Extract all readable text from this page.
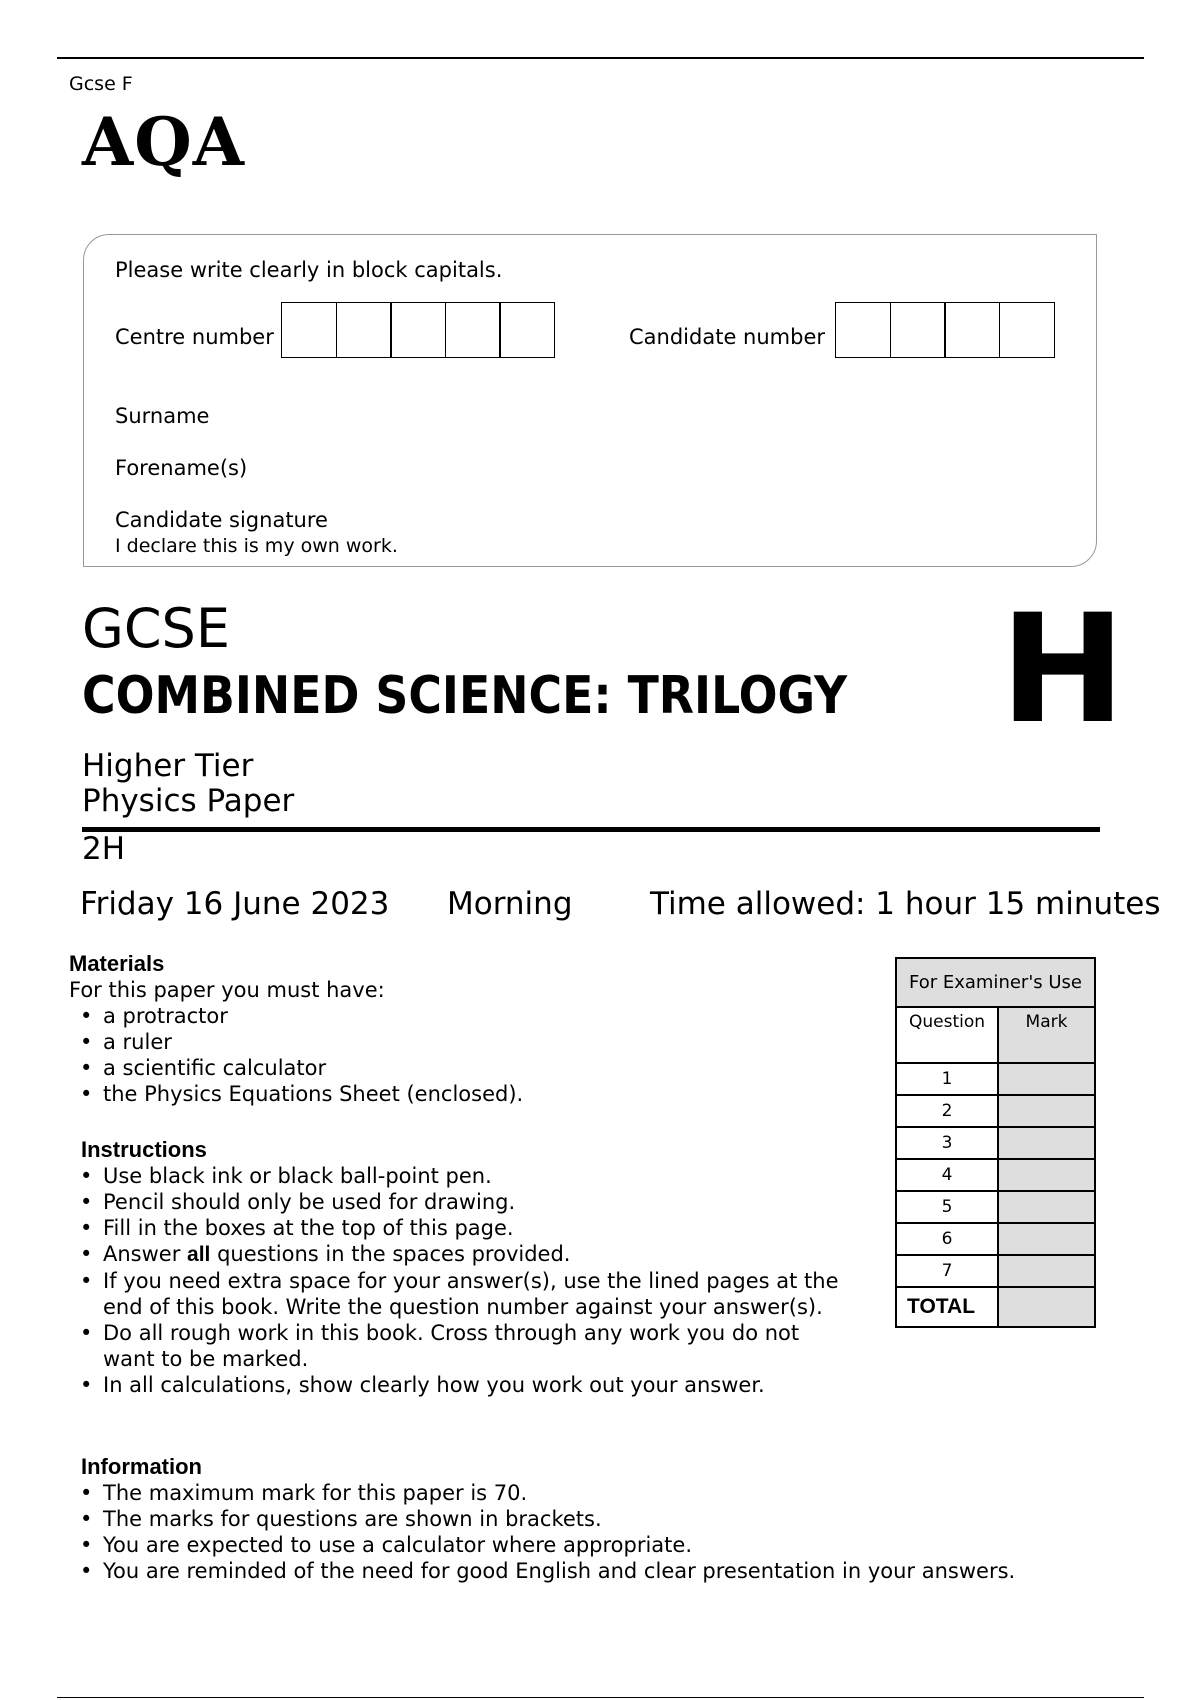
Gcse F
AQA
Please write clearly in block capitals.
Centre number	Candidate number
Surname
Forename(s)
Candidate signature
I declare this is my own work.
GCSE
COMBINED SCIENCE: TRILOGY H
Higher Tier
Physics Paper
2H
Friday 16 June 2023 Morning	Time allowed: 1 hour 15 minutes
Materials
For this paper you must have:
• a protractor
• a ruler
• a scientific calculator
• the Physics Equations Sheet (enclosed).
Instructions
• Use black ink or black ball-point pen.
• Pencil should only be used for drawing.
• Fill in the boxes at the top of this page.
• Answer all questions in the spaces provided.
• If you need extra space for your answer(s), use the lined pages at the end of this book. Write the question number against your answer(s).
• Do all rough work in this book. Cross through any work you do not want to be marked.
• In all calculations, show clearly how you work out your answer.
Information
• The maximum mark for this paper is 70.
• The marks for questions are shown in brackets.
• You are expected to use a calculator where appropriate.
• You are reminded of the need for good English and clear presentation in your answers.
For Examiner's Use	
Question	Mark
1	
2	
3	
4	
5	
6	
7	
TOTAL	
